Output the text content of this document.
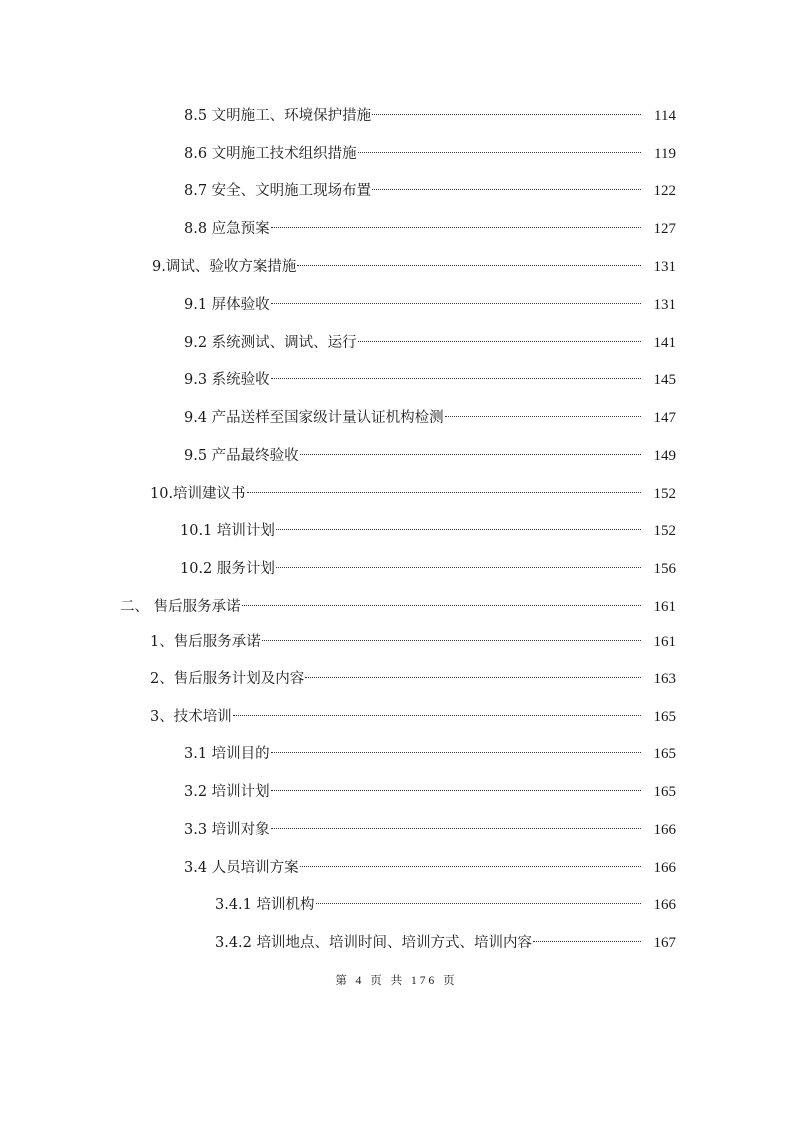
8.5 文明施工、环境保护措施	114
8.6 文明施工技术组织措施	119
8.7 安全、文明施工现场布置	122
8.8 应急预案	127
9.调试、验收方案措施	131
9.1 屏体验收	131
9.2 系统测试、调试、运行	141
9.3 系统验收	145
9.4 产品送样至国家级计量认证机构检测	147
9.5 产品最终验收	149
10.培训建议书	152
10.1 培训计划	152
10.2 服务计划	156
二、 售后服务承诺	161
1、售后服务承诺	161
2、售后服务计划及内容	163
3、技术培训	165
3.1 培训目的	165
3.2 培训计划	165
3.3 培训对象	166
3.4 人员培训方案	166
3.4.1 培训机构	166
3.4.2 培训地点、培训时间、培训方式、培训内容	167
第 4 页 共 176 页
